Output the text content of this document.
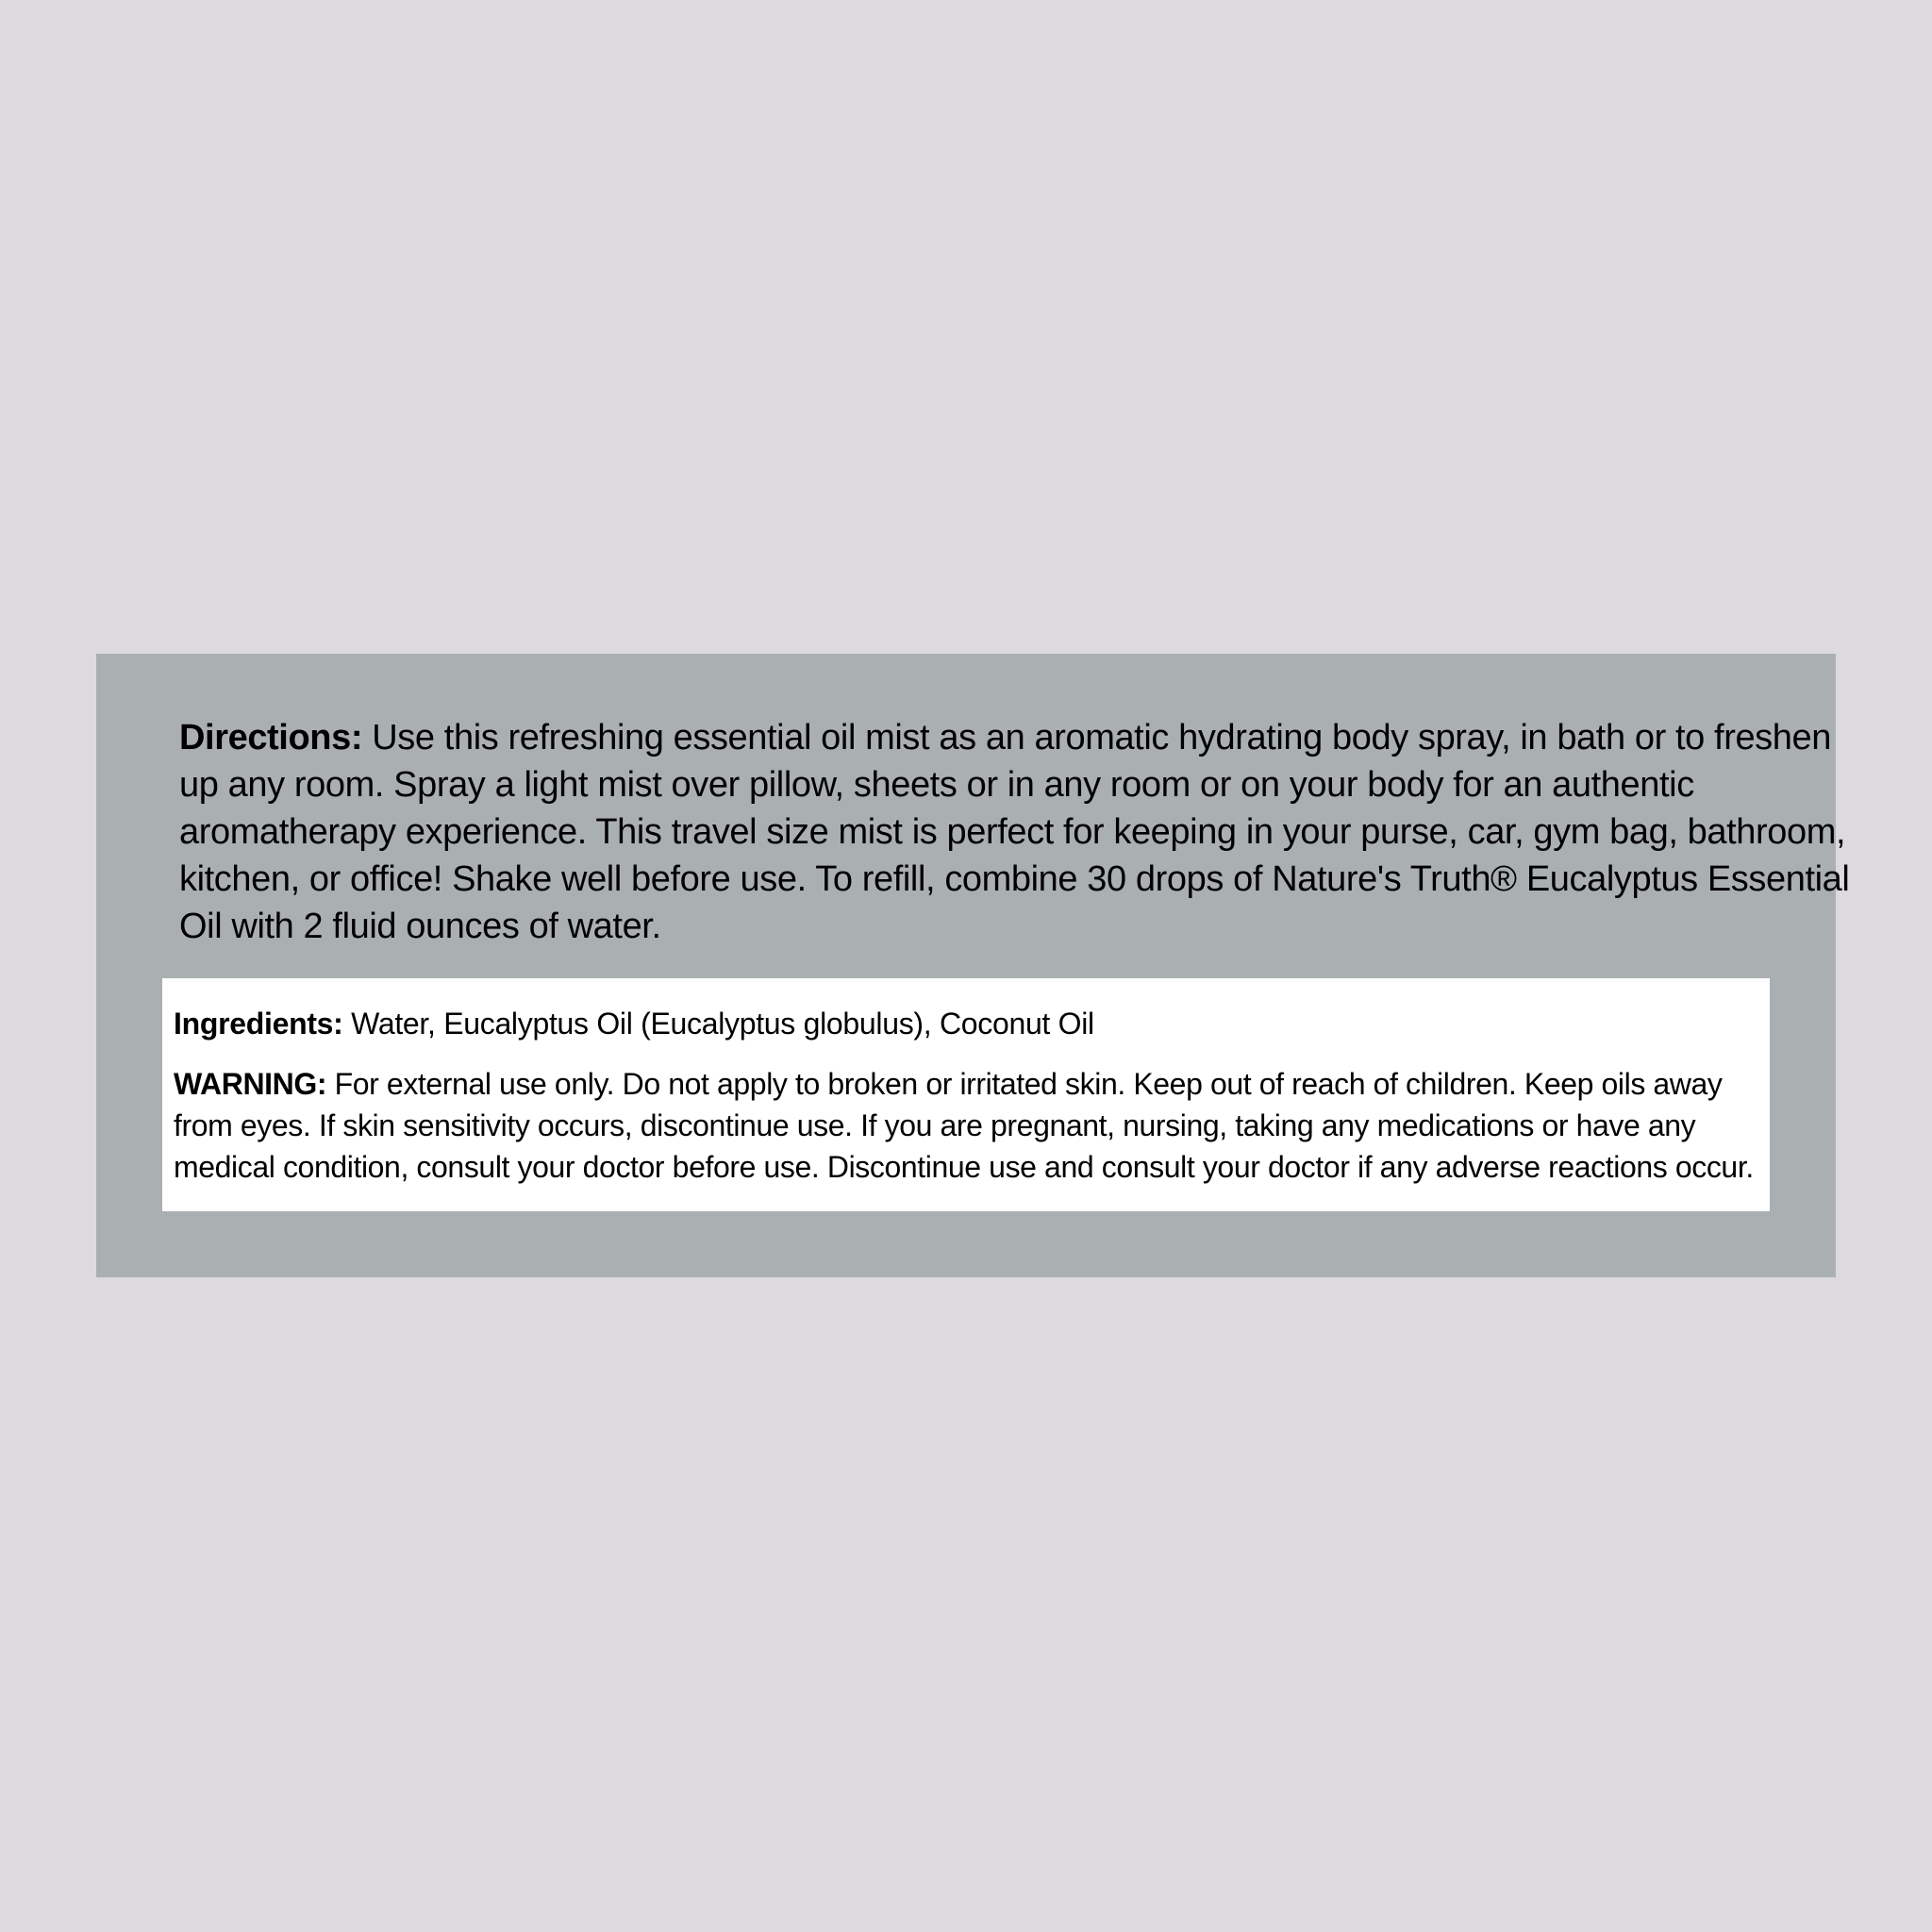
Directions: Use this refreshing essential oil mist as an aromatic hydrating body spray, in bath or to freshen up any room. Spray a light mist over pillow, sheets or in any room or on your body for an authentic aromatherapy experience. This travel size mist is perfect for keeping in your purse, car, gym bag, bathroom, kitchen, or office! Shake well before use. To refill, combine 30 drops of Nature's Truth® Eucalyptus Essential Oil with 2 fluid ounces of water.

Ingredients: Water, Eucalyptus Oil (Eucalyptus globulus), Coconut Oil

WARNING: For external use only. Do not apply to broken or irritated skin. Keep out of reach of children. Keep oils away from eyes. If skin sensitivity occurs, discontinue use. If you are pregnant, nursing, taking any medications or have any medical condition, consult your doctor before use. Discontinue use and consult your doctor if any adverse reactions occur.
